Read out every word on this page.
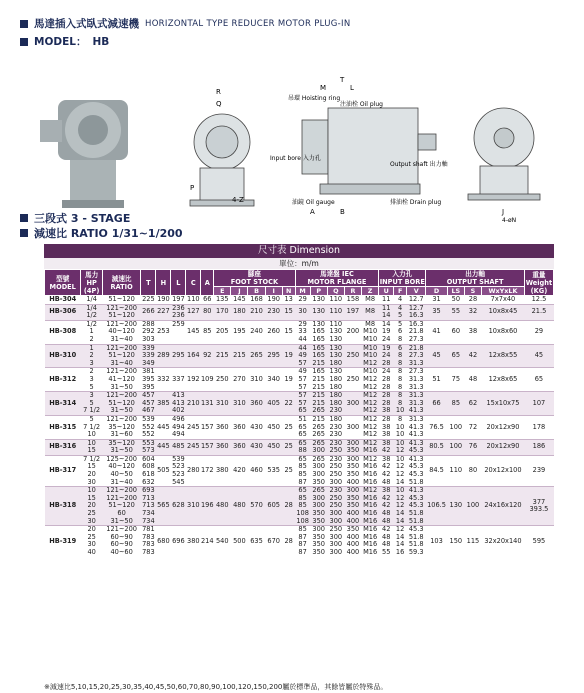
馬達插入式臥式減速機 HORIZONTAL TYPE REDUCER MOTOR PLUG-IN
MODEL： HB
R
Q
P
4-Z
吊環 Hoisting ring
注油栓 Oil plug
Input bore 入力孔
油鏡 Oil gauge
Output shaft 出力軸
排油栓 Drain plug
T
M	L
B
A	J
4-øN
三段式 3 - STAGE
減速比 RATIO 1/31~1/200
尺寸表 Dimension
單位：m/m
型號
MODEL	馬力
HP
(4P)	減速比
RATIO	T	H	L	C	A	腳座
FOOT STOCK					馬達盤 IEC
MOTOR FLANGE					入力孔
INPUT BORE			出力軸
OUTPUT SHAFT				重量
Weight
(KG)
								E	J	B	I	N	M	P	Q	R	Z	U	F	V	D	LS	S	WxYxLK	
HB-304	1/4	51~120	225	190	197	110	66	135	145	168	190	13	29	130	110	158	M8	11	4	12.7	31	50	28	7x7x40	12.5
HB-306	1/4	121~200	266	227	236	127	80	170	180	210	230	15	30	130	110	197	M8	11	4	12.7	35	55	32	10x8x45	21.5
	1/2	51~120			236													14	5	16.3					
HB-308	1/2	121~200	288	253	259	145	85	205	195	240	260	15	29	130	110		M8	14	5	16.3	41	60	38	10x8x60	29
	1	40~120	292										33	165	130	200	M10	19	6	21.8					
	2	31~40	303										44	165	130		M10	24	8	27.3					
HB-310	1	121~200	339	289	295	164	92	215	215	265	295	19	44	165	130		M10	19	6	21.8	45	65	42	12x8x55	45
	2	51~120	339										49	165	130	250	M10	24	8	27.3					
	3	31~40	349										57	215	180		M12	28	8	31.3					
HB-312	2	121~200	381	332	337	192	109	250	270	310	340	19	49	165	130		M10	24	8	27.3	51	75	48	12x8x65	65
	3	41~120	395										57	215	180	250	M12	28	8	31.3					
	5	31~50	395										57	215	180		M12	28	8	31.3					
HB-314	3	121~200	457	385	413	210	131	310	310	360	405	22	57	215	180		M12	28	8	31.3	66	85	62	15x10x75	107
	5	51~120	457		413								57	215	180	300	M12	28	8	31.3					
	7 1/2	31~50	467		402								65	265	230		M12	38	10	41.3					
HB-315	5	121~200	539	445	496	245	157	360	360	430	450	25	51	215	180		M12	28	8	31.3	76.5	100	72	20x12x90	178
	7 1/2	35~120	552		494								65	265	230	300	M12	38	10	41.3					
	10	31~60	552		494								65	265	230		M12	38	10	41.3					
HB-316	10	35~120	553	445	485	245	157	360	360	430	450	25	65	265	230	300	M12	38	10	41.3	80.5	100	76	20x12x90	186
	15	31~50	573										88	300	250	350	M16	42	12	45.3					
HB-317	7 1/2	125~200	604	505	539	280	172	380	420	460	535	25	65	265	230	300	M12	38	10	41.3	84.5	110	80	20x12x100	239
	15	40~120	608		523								85	300	250	350	M16	42	12	45.3					
	20	40~50	618		523								85	300	250	350	M16	42	12	45.3					
	30	31~40	632		545								87	350	300	400	M16	48	14	51.8					
HB-318	10	121~200	693	565	628	310	196	480	480	570	605	28	65	265	230	300	M12	38	10	41.3	106.5	130	100	24x16x120	377
393.5
	15	121~200	713										85	300	250	350	M16	42	12	45.3					
	20	51~120	713										85	300	250	350	M16	42	12	45.3					
	25	60	734										108	350	300	400	M16	48	14	51.8					
	30	31~50	734										108	350	300	400	M16	48	14	51.8					
HB-319	20	121~200	781	680	696	380	214	540	500	635	670	28	85	300	250	350	M16	42	12	45.3	103	150	115	32x20x140	595
	25	60~90	783										87	350	300	400	M16	48	14	51.8					
	30	60~90	783										87	350	300	400	M16	48	14	51.8					
	40	40~60	783										87	350	300	400	M16	55	16	59.3					
※減速比5,10,15,20,25,30,35,40,45,50,60,70,80,90,100,120,150,200屬於標準品，其餘皆屬於特殊品。
